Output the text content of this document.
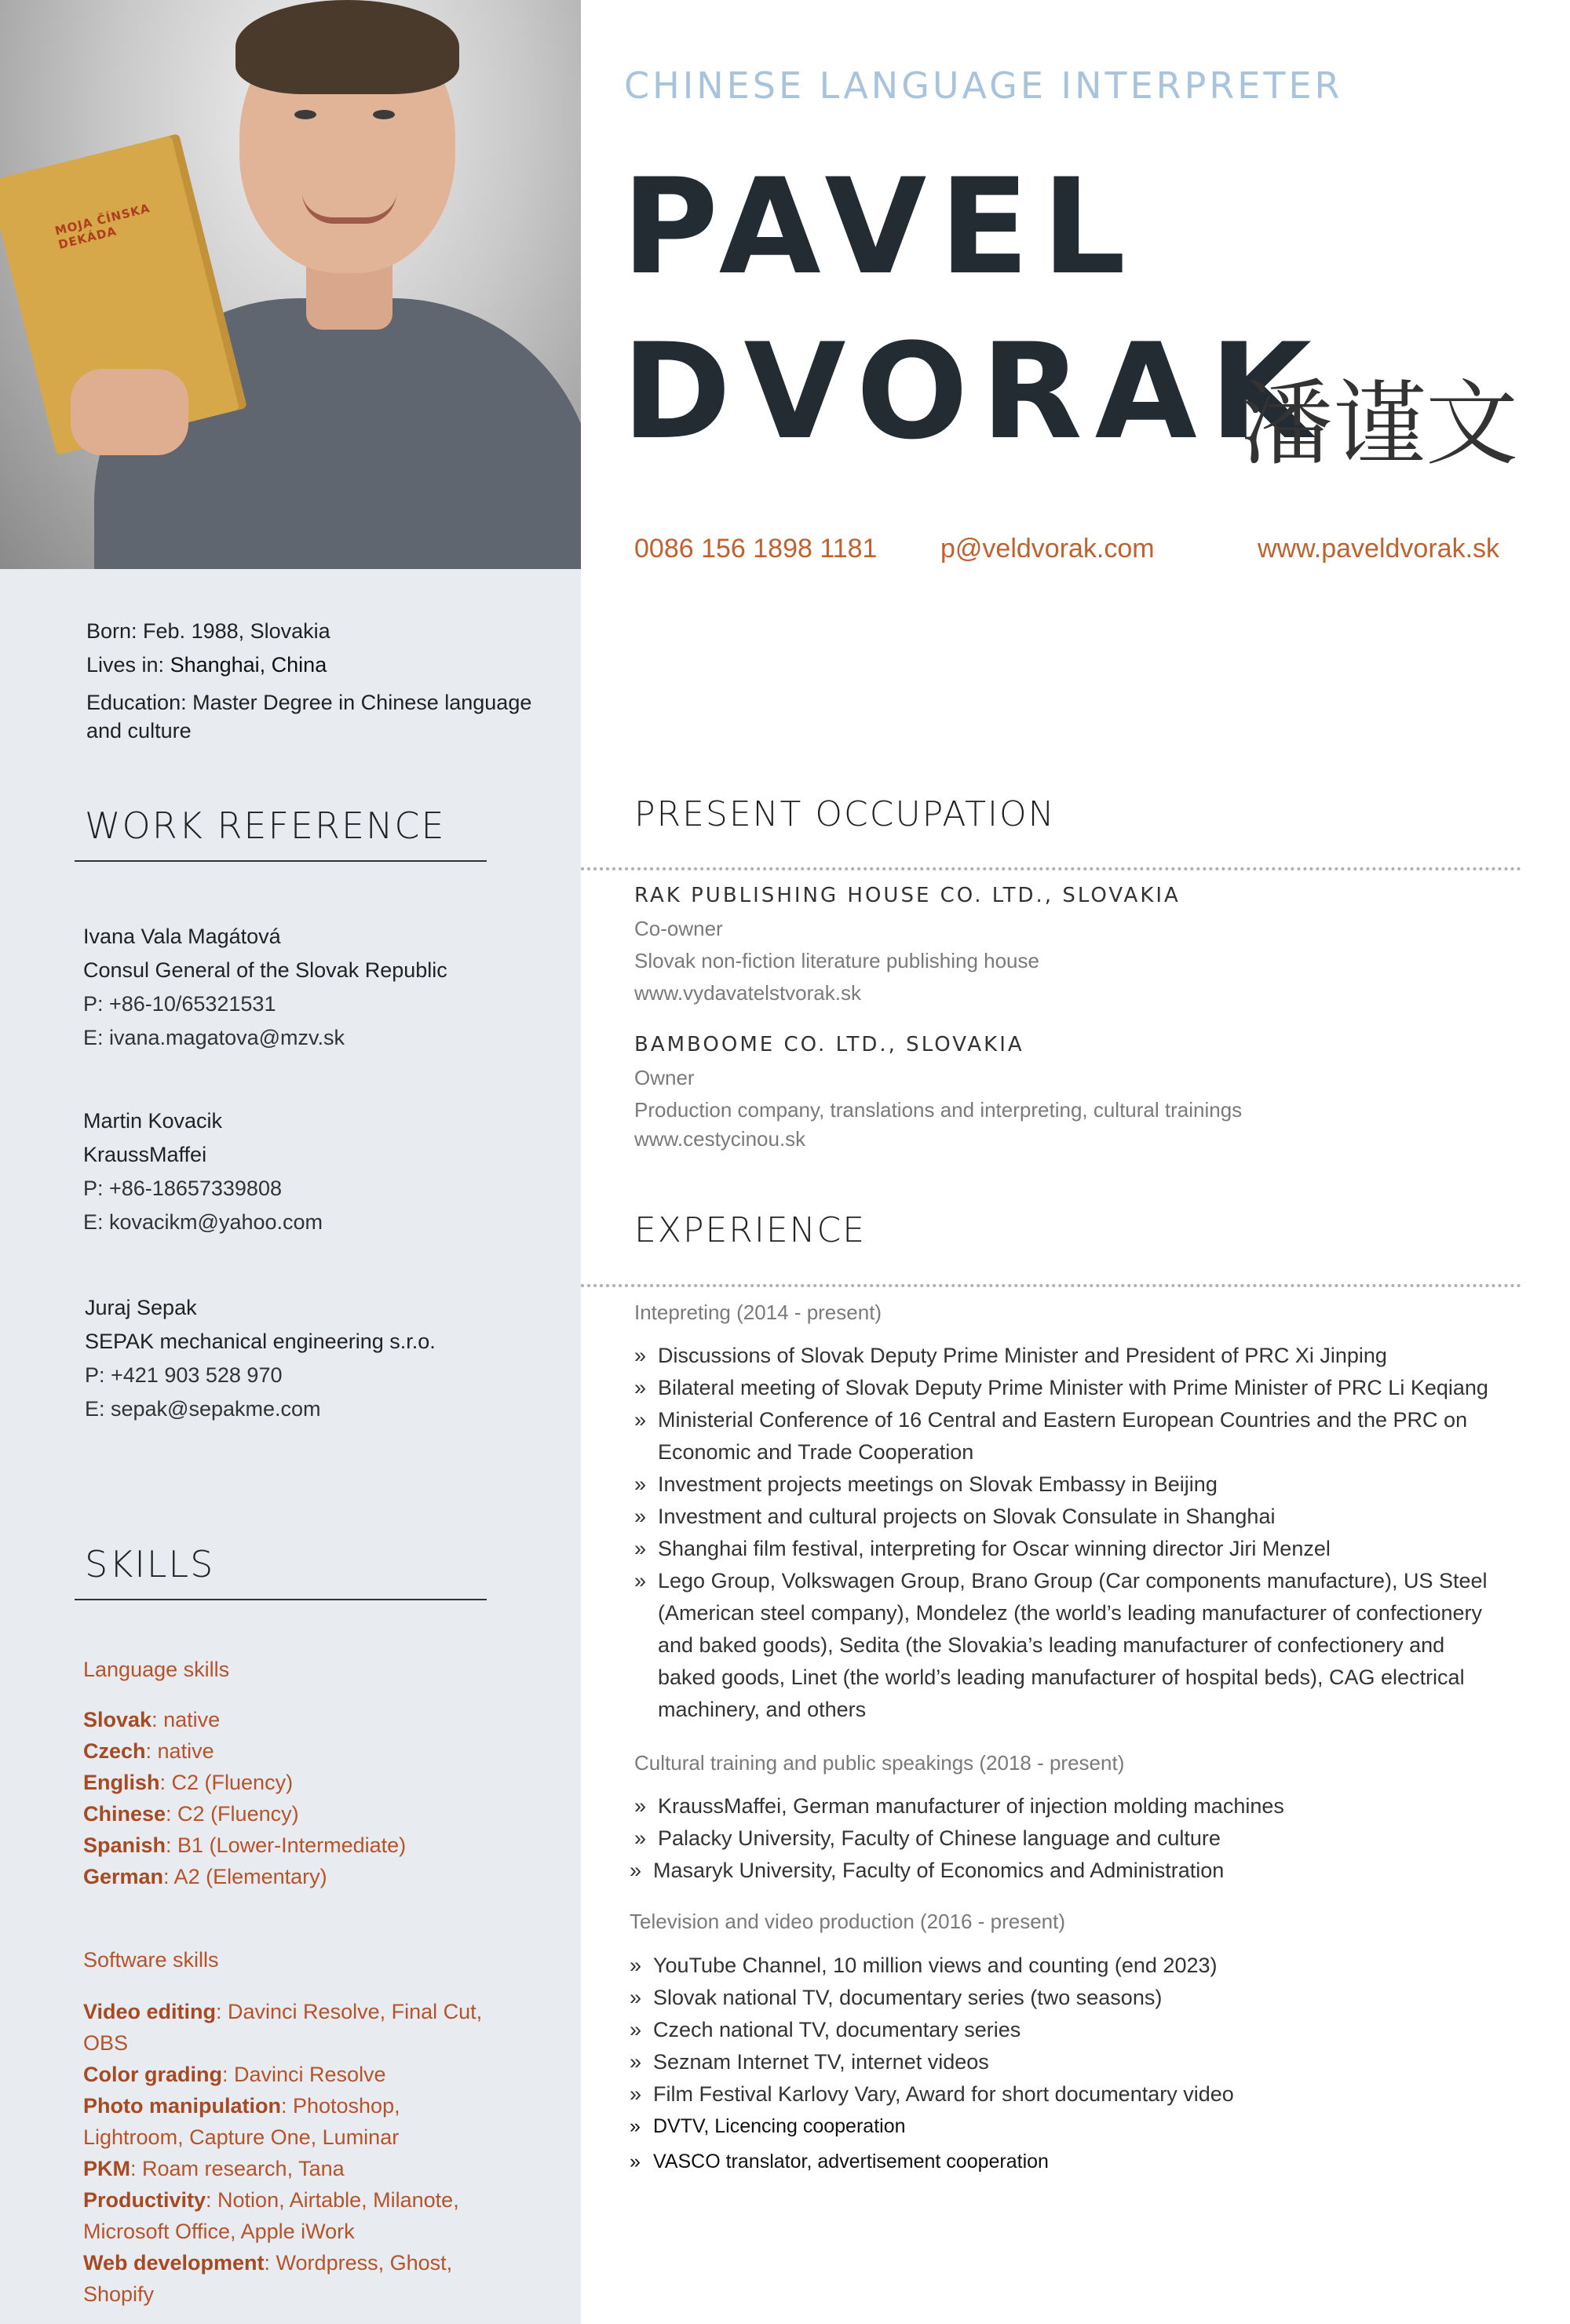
MOJA ČÍNSKA DEKÁDA
Born: Feb. 1988, Slovakia
Lives in: Shanghai, China
Education: Master Degree in Chinese language
and culture
WORK REFERENCE
Ivana Vala Magátová
Consul General of the Slovak Republic
P: +86-10/65321531
E: ivana.magatova@mzv.sk
Martin Kovacik
KraussMaffei
P: +86-18657339808
E: kovacikm@yahoo.com
Juraj Sepak
SEPAK mechanical engineering s.r.o.
P: +421 903 528 970
E: sepak@sepakme.com
SKILLS
Language skills
Slovak: native
Czech: native
English: C2 (Fluency)
Chinese: C2 (Fluency)
Spanish: B1 (Lower-Intermediate)
German: A2 (Elementary)
Software skills
Video editing: Davinci Resolve, Final Cut,
OBS
Color grading: Davinci Resolve
Photo manipulation: Photoshop,
Lightroom, Capture One, Luminar
PKM: Roam research, Tana
Productivity: Notion, Airtable, Milanote,
Microsoft Office, Apple iWork
Web development: Wordpress, Ghost,
Shopify
CHINESE LANGUAGE INTERPRETER
PAVEL
DVORAK
潘谨文
0086 156 1898 1181 p@veldvorak.com	www.paveldvorak.sk
PRESENT OCCUPATION
RAK PUBLISHING HOUSE CO. LTD., SLOVAKIA
Co-owner
Slovak non-fiction literature publishing house
www.vydavatelstvorak.sk
BAMBOOME CO. LTD., SLOVAKIA
Owner
Production company, translations and interpreting, cultural trainings
www.cestycinou.sk
EXPERIENCE
Intepreting (2014 - present)
» Discussions of Slovak Deputy Prime Minister and President of PRC Xi Jinping
» Bilateral meeting of Slovak Deputy Prime Minister with Prime Minister of PRC Li Keqiang
» Ministerial Conference of 16 Central and Eastern European Countries and the PRC on
Economic and Trade Cooperation
» Investment projects meetings on Slovak Embassy in Beijing
» Investment and cultural projects on Slovak Consulate in Shanghai
» Shanghai film festival, interpreting for Oscar winning director Jiri Menzel
» Lego Group, Volkswagen Group, Brano Group (Car components manufacture), US Steel
(American steel company), Mondelez (the world’s leading manufacturer of confectionery
and baked goods), Sedita (the Slovakia’s leading manufacturer of confectionery and
baked goods, Linet (the world’s leading manufacturer of hospital beds), CAG electrical
machinery, and others
Cultural training and public speakings (2018 - present)
» KraussMaffei, German manufacturer of injection molding machines
» Palacky University, Faculty of Chinese language and culture
» Masaryk University, Faculty of Economics and Administration
Television and video production (2016 - present)
» YouTube Channel, 10 million views and counting (end 2023)
» Slovak national TV, documentary series (two seasons)
» Czech national TV, documentary series
» Seznam Internet TV, internet videos
» Film Festival Karlovy Vary, Award for short documentary video
» DVTV, Licencing cooperation
» VASCO translator, advertisement cooperation
